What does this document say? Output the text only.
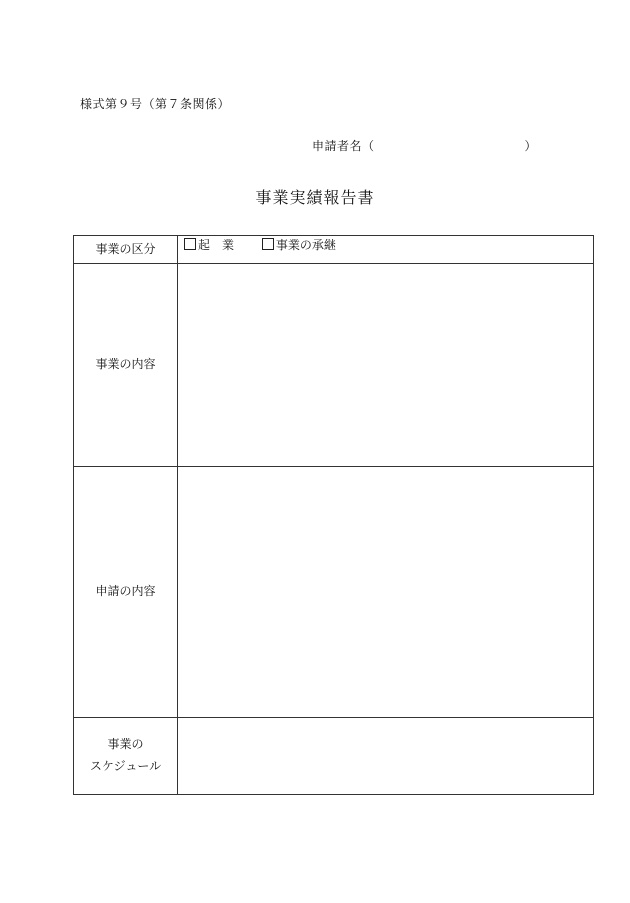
様式第９号（第７条関係）
申請者名（	）
事業実績報告書
事業の区分	起　業 事業の承継
事業の内容	
申請の内容	

事業の
スケジュール	
